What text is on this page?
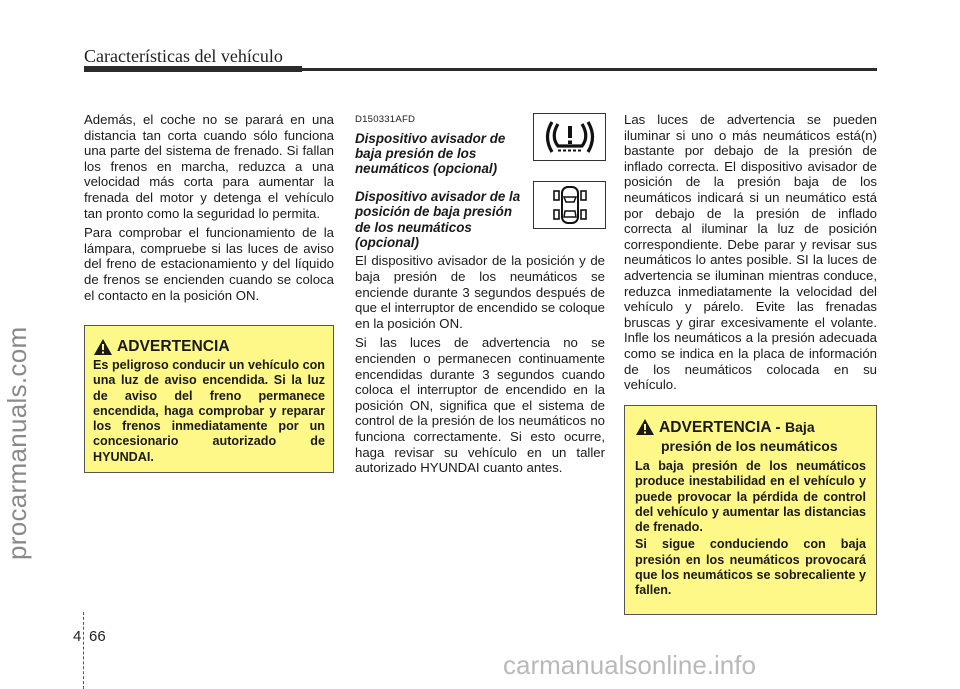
Características del vehículo
procarmanuals.com
carmanualsonline.info

Además, el coche no se parará en una distancia tan corta cuando sólo funciona una parte del sistema de frenado. Si fallan los frenos en marcha, reduzca a una velocidad más corta para aumentar la frenada del motor y detenga el vehículo tan pronto como la seguridad lo permita.

Para comprobar el funcionamiento de la lámpara, compruebe si las luces de aviso del freno de estacionamiento y del líquido de frenos se encienden cuando se coloca el contacto en la posición ON.

ADVERTENCIA
Es peligroso conducir un vehículo con una luz de aviso encendida. Si la luz de aviso del freno permanece encendida, haga comprobar y reparar los frenos inmediatamente por un concesionario autorizado de HYUNDAI.
D150331AFD
Dispositivo avisador de baja presión de los neumáticos (opcional)
Dispositivo avisador de la posición de baja presión de los neumáticos (opcional)

El dispositivo avisador de la posición y de baja presión de los neumáticos se enciende durante 3 segundos después de que el interruptor de encendido se coloque en la posición ON.

Si las luces de advertencia no se encienden o permanecen continuamente encendidas durante 3 segundos cuando coloca el interruptor de encendido en la posición ON, significa que el sistema de control de la presión de los neumáticos no funciona correctamente. Si esto ocurre, haga revisar su vehículo en un taller autorizado HYUNDAI cuanto antes.

Las luces de advertencia se pueden iluminar si uno o más neumáticos está(n) bastante por debajo de la presión de inflado correcta. El dispositivo avisador de posición de la presión baja de los neumáticos indicará si un neumático está por debajo de la presión de inflado correcta al iluminar la luz de posición correspondiente. Debe parar y revisar sus neumáticos lo antes posible. SI la luces de advertencia se iluminan mientras conduce, reduzca inmediatamente la velocidad del vehículo y párelo. Evite las frenadas bruscas y girar excesivamente el volante. Infle los neumáticos a la presión adecuada como se indica en la placa de información de los neumáticos colocada en su vehículo.

ADVERTENCIA - Baja
presión de los neumáticos

La baja presión de los neumáticos produce inestabilidad en el vehículo y puede provocar la pérdida de control del vehículo y aumentar las distancias de frenado.

Si sigue conduciendo con baja presión en los neumáticos provocará que los neumáticos se sobrecaliente y fallen.

4 66
